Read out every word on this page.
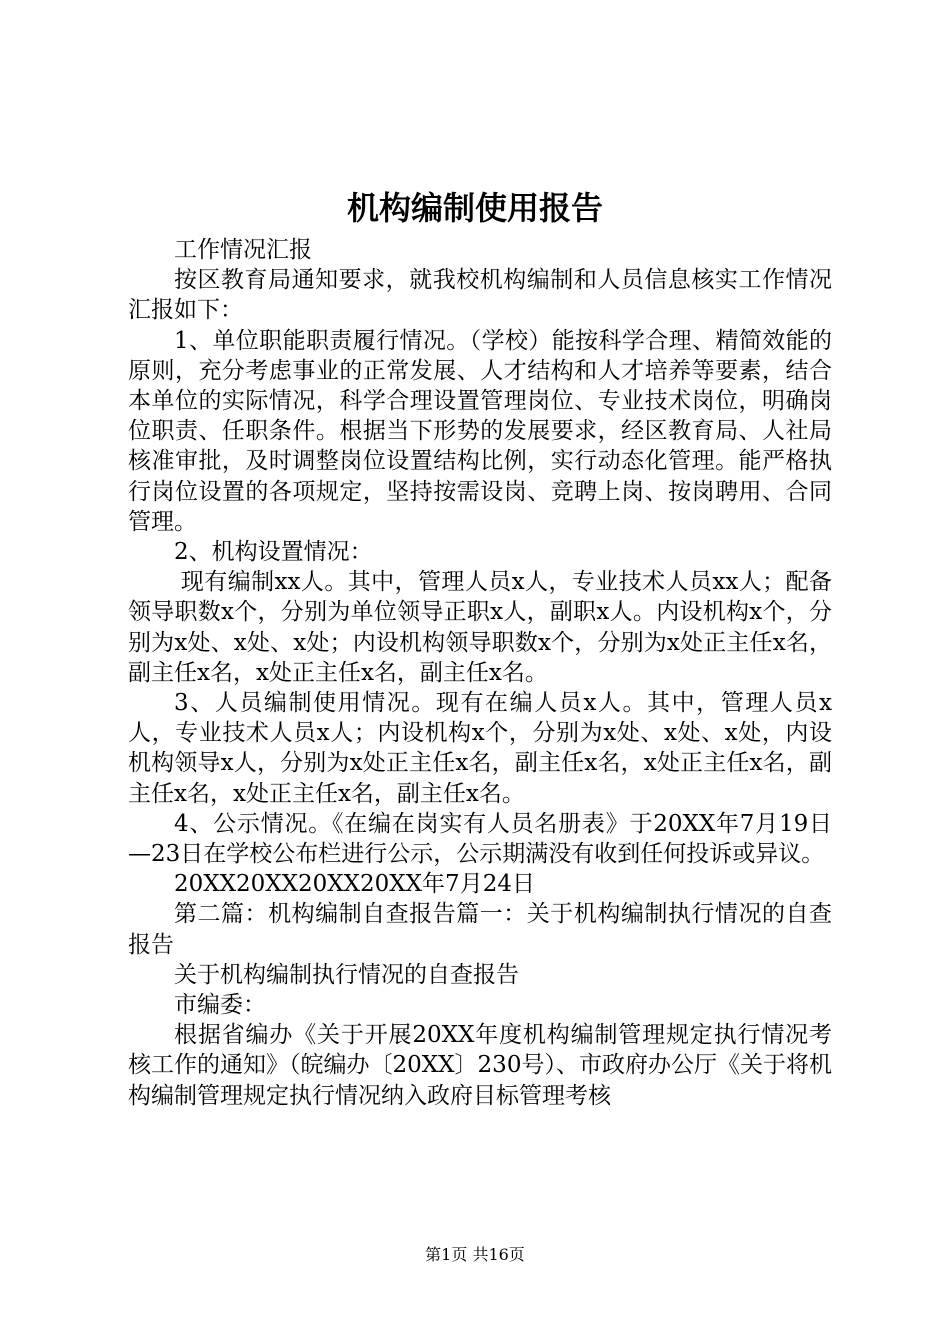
机构编制使用报告

工作情况汇报

按区教育局通知要求，就我校机构编制和人员信息核实工作情况汇报如下：

1、单位职能职责履行情况。（学校）能按科学合理、精简效能的原则，充分考虑事业的正常发展、人才结构和人才培养等要素，结合本单位的实际情况，科学合理设置管理岗位、专业技术岗位，明确岗位职责、任职条件。根据当下形势的发展要求，经区教育局、人社局核准审批，及时调整岗位设置结构比例，实行动态化管理。能严格执行岗位设置的各项规定，坚持按需设岗、竞聘上岗、按岗聘用、合同管理。

2、机构设置情况：

现有编制xx人。其中，管理人员x人，专业技术人员xx人；配备领导职数x个，分别为单位领导正职x人，副职x人。内设机构x个，分别为x处、x处、x处；内设机构领导职数x个，分别为x处正主任x名，副主任x名，x处正主任x名，副主任x名。

3、人员编制使用情况。现有在编人员x人。其中，管理人员x人，专业技术人员x人；内设机构x个，分别为x处、x处、x处，内设机构领导x人，分别为x处正主任x名，副主任x名，x处正主任x名，副主任x名，x处正主任x名，副主任x名。

4、公示情况。《在编在岗实有人员名册表》于20XX年7月19日—23日在学校公布栏进行公示，公示期满没有收到任何投诉或异议。

20XX20XX20XX20XX年7月24日

第二篇：机构编制自查报告篇一：关于机构编制执行情况的自查报告

关于机构编制执行情况的自查报告

市编委：

根据省编办《关于开展20XX年度机构编制管理规定执行情况考核工作的通知》（皖编办〔20XX〕230号）、市政府办公厅《关于将机构编制管理规定执行情况纳入政府目标管理考核

第1页 共16页
